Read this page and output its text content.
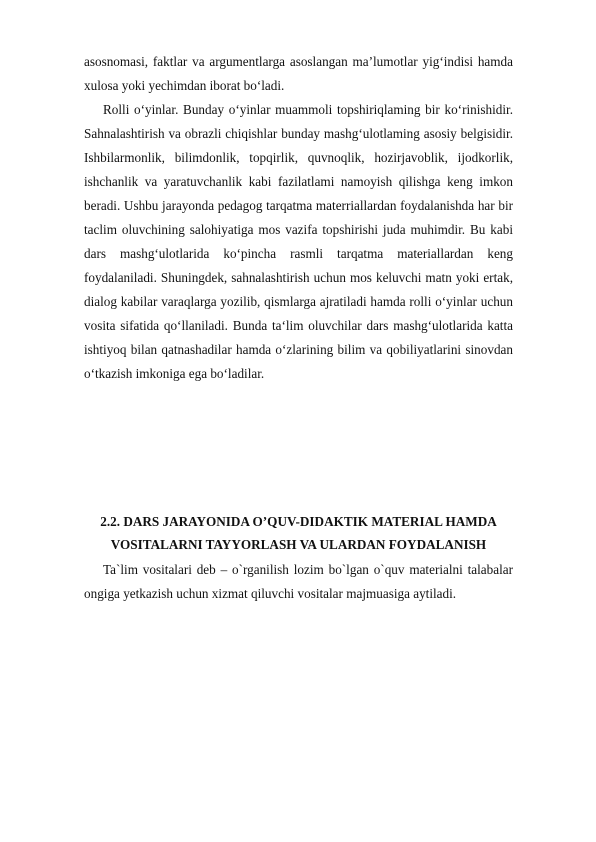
asosnomasi, faktlar va argumentlarga asoslangan ma’lumotlar yig‘indisi hamda xulosa yoki yechimdan iborat bo‘ladi.

Rolli o‘yinlar. Bunday o‘yinlar muammoli topshiriqlaming bir ko‘rinishidir. Sahnalashtirish va obrazli chiqishlar bunday mashg‘ulotlaming asosiy belgisidir. Ishbilarmonlik, bilimdonlik, topqirlik, quvnoqlik, hozirjavoblik, ijodkorlik, ishchanlik va yaratuvchanlik kabi fazilatlami namoyish qilishga keng imkon beradi. Ushbu jarayonda pedagog tarqatma materriallardan foydalanishda har bir taclim oluvchining salohiyatiga mos vazifa topshirishi juda muhimdir. Bu kabi dars mashg‘ulotlarida ko‘pincha rasmli tarqatma materiallardan keng foydalaniladi. Shuningdek, sahnalashtirish uchun mos keluvchi matn yoki ertak, dialog kabilar varaqlarga yozilib, qismlarga ajratiladi hamda rolli o‘yinlar uchun vosita sifatida qo‘llaniladi. Bunda ta‘lim oluvchilar dars mashg‘ulotlarida katta ishtiyoq bilan qatnashadilar hamda o‘zlarining bilim va qobiliyatlarini sinovdan o‘tkazish imkoniga ega bo‘ladilar.

2.2. DARS JARAYONIDA O’QUV-DIDAKTIK MATERIAL HAMDA

VOSITALARNI TAYYORLASH VA ULARDAN FOYDALANISH

Ta`lim vositalari deb – o`rganilish lozim bo`lgan o`quv materialni talabalar ongiga yetkazish uchun xizmat qiluvchi vositalar majmuasiga aytiladi.
